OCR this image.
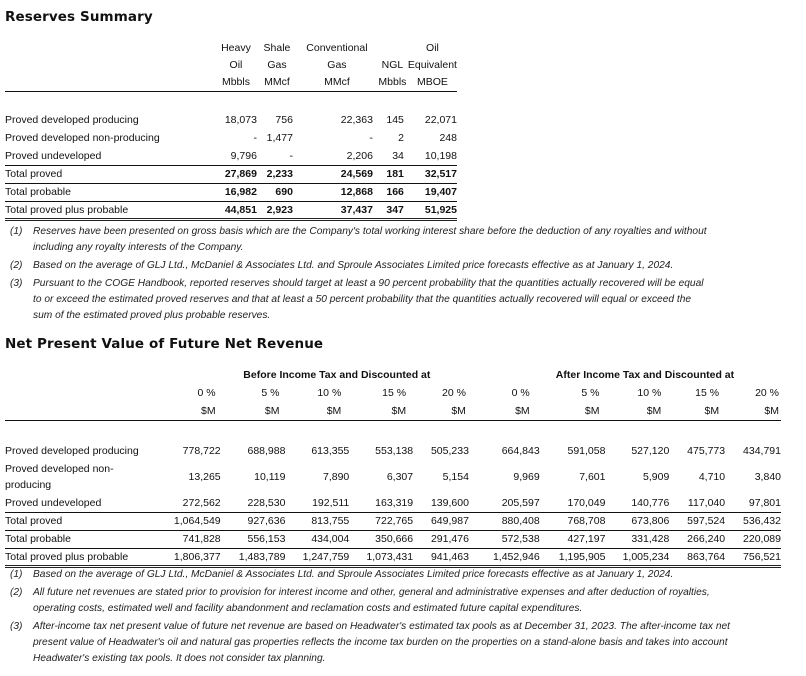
Reserves Summary
	Heavy	Shale	Conventional		Oil
	Oil	Gas	Gas	NGL	Equivalent
	Mbbls	MMcf	MMcf	Mbbls	MBOE

Proved developed producing	18,073	756	22,363	145	22,071
Proved developed non-producing	-	1,477	-	2	248
Proved undeveloped	9,796	-	2,206	34	10,198
Total proved	27,869	2,233	24,569	181	32,517
Total probable	16,982	690	12,868	166	19,407
Total proved plus probable	44,851	2,923	37,437	347	51,925
(1)	Reserves have been presented on gross basis which are the Company's total working interest share before the deduction of any royalties and without including any royalty interests of the Company.
(2)	Based on the average of GLJ Ltd., McDaniel & Associates Ltd. and Sproule Associates Limited price forecasts effective as at January 1, 2024.
(3)	Pursuant to the COGE Handbook, reported reserves should target at least a 90 percent probability that the quantities actually recovered will be equal to or exceed the estimated proved reserves and that at least a 50 percent probability that the quantities actually recovered will equal or exceed the sum of the estimated proved plus probable reserves.
Net Present Value of Future Net Revenue
	Before Income Tax and Discounted at					After Income Tax and Discounted at				
	0 %	5 %	10 %	15 %	20 %	0 %	5 %	10 %	15 %	20 %
	$M	$M	$M	$M	$M	$M	$M	$M	$M	$M

Proved developed producing	778,722	688,988	613,355	553,138	505,233	664,843	591,058	527,120	475,773	434,791

Proved developed non-
producing	13,265	10,119	7,890	6,307	5,154	9,969	7,601	5,909	4,710	3,840
Proved undeveloped	272,562	228,530	192,511	163,319	139,600	205,597	170,049	140,776	117,040	97,801
Total proved	1,064,549	927,636	813,755	722,765	649,987	880,408	768,708	673,806	597,524	536,432
Total probable	741,828	556,153	434,004	350,666	291,476	572,538	427,197	331,428	266,240	220,089
Total proved plus probable	1,806,377	1,483,789	1,247,759	1,073,431	941,463	1,452,946	1,195,905	1,005,234	863,764	756,521
(1)	Based on the average of GLJ Ltd., McDaniel & Associates Ltd. and Sproule Associates Limited price forecasts effective as at January 1, 2024.
(2)	All future net revenues are stated prior to provision for interest income and other, general and administrative expenses and after deduction of royalties, operating costs, estimated well and facility abandonment and reclamation costs and estimated future capital expenditures.
(3)	After-income tax net present value of future net revenue are based on Headwater's estimated tax pools as at December 31, 2023. The after-income tax net present value of Headwater's oil and natural gas properties reflects the income tax burden on the properties on a stand-alone basis and takes into account Headwater's existing tax pools. It does not consider tax planning.
